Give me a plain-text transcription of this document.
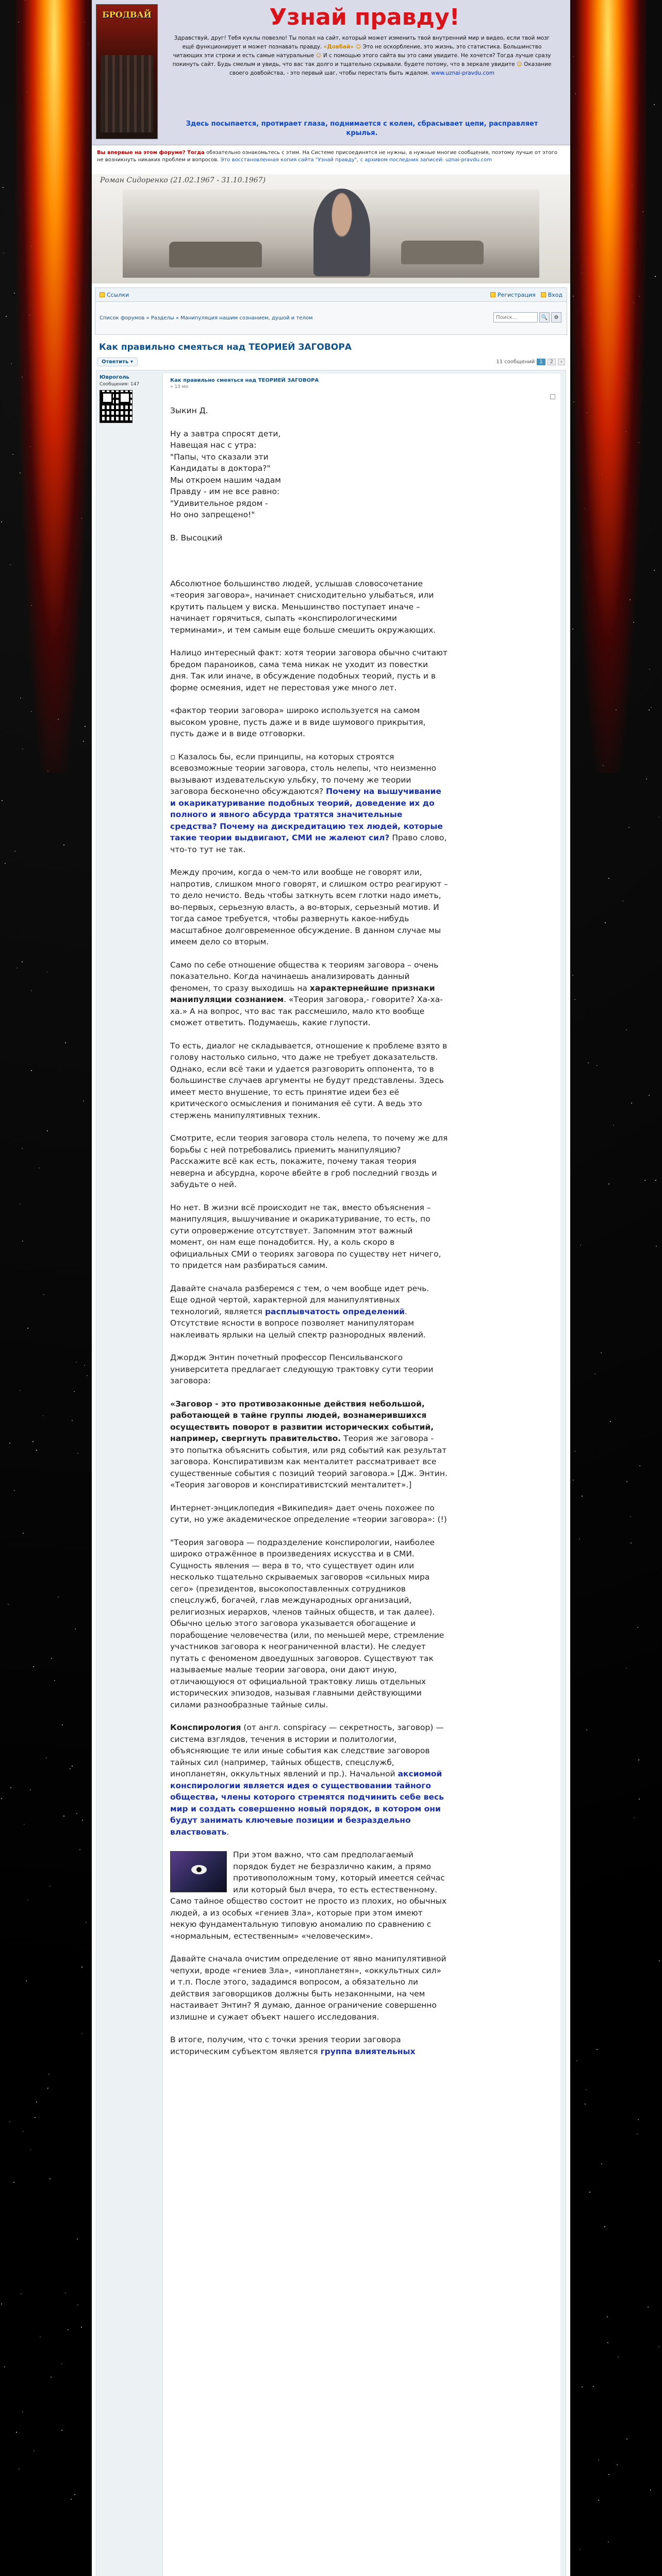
БРОДВАЙ	Узнай правду!
Здравствуй, друг! Тебя куклы повезло! Ты попал на сайт, который может изменить твой внутренний мир и видео, если твой мозг ещё функционирует и может познавать правду. «Довбай» ☺ Это не оскорбление, это жизнь, это статистика. Большинство читающих эти строки и есть самые натуральные ☺ И с помощью этого сайта вы это сами увидите. Не хочется? Тогда лучше сразу покинуть сайт. Будь смелым и увидь, что вас так долго и тщательно скрывали. будете потому, что в зеркале увидите ☺ Оказание своего довбойства, - это первый шаг, чтобы перестать быть ждалом. www.uznai-pravdu.com
Здесь посыпается, протирает глаза, поднимается с колен, сбрасывает цепи, расправляет крылья.
Вы впервые на этом форуме? Тогда обязательно ознакомьтесь с этим. На Системе присоединятся не нужны, а нужные многие сообщения, поэтому лучше от этого не возникнуть никаких проблем и вопросов. Это восстановленная копия сайта "Узнай правду", с архивом последних записей: uznai-pravdu.com
Роман Сидоренко (21.02.1967 - 31.10.1967)
Ссылки	Регистрация Вход
Список форумов » Разделы » Манипуляция нашим сознанием, душой и телом
Поиск...	🔍	⚙
Как правильно смеяться над ТЕОРИЕЙ ЗАГОВОРА
Ответить ▾	11 сообщений 1	2	›
Ювроголь
Сообщения: 147
Как правильно смеяться над ТЕОРИЕЙ ЗАГОВОРА
» 13 мо

Зыкин Д.

Ну а завтра спросят дети,
Навещая нас с утра:
"Папы, что сказали эти
Кандидаты в доктора?"
Мы откроем нашим чадам
Правду - им не все равно:
"Удивительное рядом -
Но оно запрещено!"

В. Высоцкий

Абсолютное большинство людей, услышав словосочетание «теория заговора», начинает снисходительно улыбаться, или крутить пальцем у виска. Меньшинство поступает иначе – начинает горячиться, сыпать «конспирологическими терминами», и тем самым еще больше смешить окружающих.

Налицо интересный факт: хотя теории заговора обычно считают бредом параноиков, сама тема никак не уходит из повестки дня. Так или иначе, в обсуждение подобных теорий, пусть и в форме осмеяния, идет не перестовая уже много лет.

«фактор теории заговора» широко используется на самом высоком уровне, пусть даже и в виде шумового прикрытия, пусть даже и в виде отговорки.

▫ Казалось бы, если принципы, на которых строятся всевозможные теории заговора, столь нелепы, что неизменно вызывают издевательскую ульбку, то почему же теории заговора бесконечно обсуждаются? Почему на вышучивание и окарикатуривание подобных теорий, доведение их до полного и явного абсурда тратятся значительные средства? Почему на дискредитацию тех людей, которые такие теории выдвигают, СМИ не жалеют сил? Право слово, что-то тут не так.

Между прочим, когда о чем-то или вообще не говорят или, напротив, слишком много говорят, и слишком остро реагируют – то дело нечисто. Ведь чтобы заткнуть всем глотки надо иметь, во-первых, серьезную власть, а во-вторых, серьезный мотив. И тогда самое требуется, чтобы развернуть какое-нибудь масштабное долговременное обсуждение. В данном случае мы имеем дело со вторым.

Само по себе отношение общества к теориям заговора – очень показательно. Когда начинаешь анализировать данный феномен, то сразу выходишь на характернейшие признаки манипуляции сознанием. «Теория заговора,- говорите? Ха-ха-ха.» А на вопрос, что вас так рассмешило, мало кто вообще сможет ответить. Подумаешь, какие глупости.

То есть, диалог не складывается, отношение к проблеме взято в голову настолько сильно, что даже не требует доказательств. Однако, если всё таки и удается разговорить оппонента, то в большинстве случаев аргументы не будут представлены. Здесь имеет место внушение, то есть принятие идеи без её критического осмысления и понимания её сути. А ведь это стержень манипулятивных техник.

Смотрите, если теория заговора столь нелепа, то почему же для борьбы с ней потребовались приемить манипуляцию? Расскажите всё как есть, покажите, почему такая теория неверна и абсурдна, короче вбейте в гроб последний гвоздь и забудьте о ней.

Но нет. В жизни всё происходит не так, вместо объяснения – манипуляция, вышучивание и окарикатуривание, то есть, по сути опровержение отсутствует. Запомним этот важный момент, он нам еще понадобится. Ну, а коль скоро в официальных СМИ о теориях заговора по существу нет ничего, то придется нам разбираться самим.

Давайте сначала разберемся с тем, о чем вообще идет речь. Еще одной чертой, характерной для манипулятивных технологий, является расплывчатость определений. Отсутствие ясности в вопросе позволяет манипуляторам наклеивать ярлыки на целый спектр разнородных явлений.

Джордж Энтин почетный профессор Пенсильванского университета предлагает следующую трактовку сути теории заговора:

«Заговор - это противозаконные действия небольшой, работающей в тайне группы людей, вознамерившихся осуществить поворот в развитии исторических событий, например, свергнуть правительство. Теория же заговора - это попытка объяснить события, или ряд событий как результат заговора. Конспиративизм как менталитет рассматривает все существенные события с позиций теорий заговора.» [Дж. Энтин. «Теория заговоров и конспиративистский менталитет».]

Интернет-энциклопедия «Википедия» дает очень похожее по сути, но уже академическое определение «теории заговора»: (!)

"Теория заговора — подразделение конспирологии, наиболее широко отражённое в произведениях искусства и в СМИ. Сущность явления — вера в то, что существует один или несколько тщательно скрываемых заговоров «сильных мира сего» (президентов, высокопоставленных сотрудников спецслужб, богачей, глав международных организаций, религиозных иерархов, членов тайных обществ, и так далее). Обычно целью этого заговора указывается обогащение и порабощение человечества (или, по меньшей мере, стремление участников заговора к неограниченной власти). Не следует путать с феноменом двоедушных заговоров. Существуют так называемые малые теории заговора, они дают иную, отличающуюся от официальной трактовку лишь отдельных исторических эпизодов, называя главными действующими силами разнообразные тайные силы.

Конспирология (от англ. conspiracy — секретность, заговор) — система взглядов, течения в истории и политологии, объясняющие те или иные события как следствие заговоров тайных сил (например, тайных обществ, спецслужб, инопланетян, оккультных явлений и пр.). Начальной аксиомой конспирологии является идея о существовании тайного общества, члены которого стремятся подчинить себе весь мир и создать совершенно новый порядок, в котором они будут занимать ключевые позиции и безраздельно властвовать.

При этом важно, что сам предполагаемый порядок будет не безразлично каким, а прямо противоположным тому, который имеется сейчас или который был вчера, то есть естественному. Само тайное общество состоит не просто из плохих, но обычных людей, а из особых «гениев Зла», которые при этом имеют некую фундаментальную типовую аномалию по сравнению с «нормальным, естественным» «человеческим».

Давайте сначала очистим определение от явно манипулятивной чепухи, вроде «гениев Зла», «инопланетян», «оккультных сил» и т.п. После этого, зададимся вопросом, а обязательно ли действия заговорщиков должны быть незаконными, на чем настаивает Энтин? Я думаю, данное ограничение совершенно излишне и сужает объект нашего исследования.

В итоге, получим, что с точки зрения теории заговора историческим субъектом является группа влиятельных
